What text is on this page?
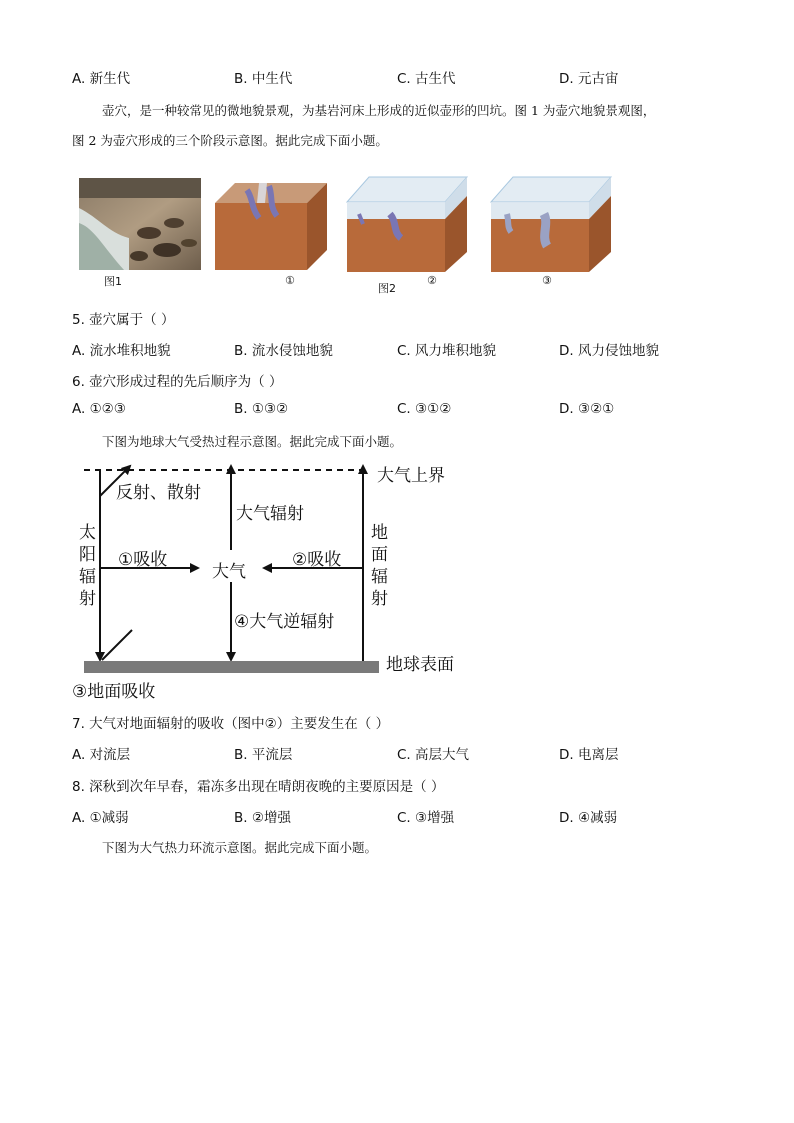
A. 新生代	B. 中生代	C. 古生代	D. 元古宙
壶穴，是一种较常见的微地貌景观，为基岩河床上形成的近似壶形的凹坑。图 1 为壶穴地貌景观图，
图 2 为壶穴形成的三个阶段示意图。据此完成下面小题。
图1	①
图2
②	③
5. 壶穴属于（ ）
A. 流水堆积地貌	B. 流水侵蚀地貌	C. 风力堆积地貌	D. 风力侵蚀地貌
6. 壶穴形成过程的先后顺序为（ ）
A. ①②③	B. ①③②	C. ③①②	D. ③②①
下图为地球大气受热过程示意图。据此完成下面小题。
大气上界
反射、散射
大气辐射
太
阳
辐
射
地
面
辐
射
①吸收	②吸收
大气
④大气逆辐射
地球表面
③地面吸收
7. 大气对地面辐射的吸收（图中②）主要发生在（ ）
A. 对流层	B. 平流层	C. 高层大气	D. 电离层
8. 深秋到次年早春，霜冻多出现在晴朗夜晚的主要原因是（ ）
A. ①减弱	B. ②增强	C. ③增强	D. ④减弱
下图为大气热力环流示意图。据此完成下面小题。
